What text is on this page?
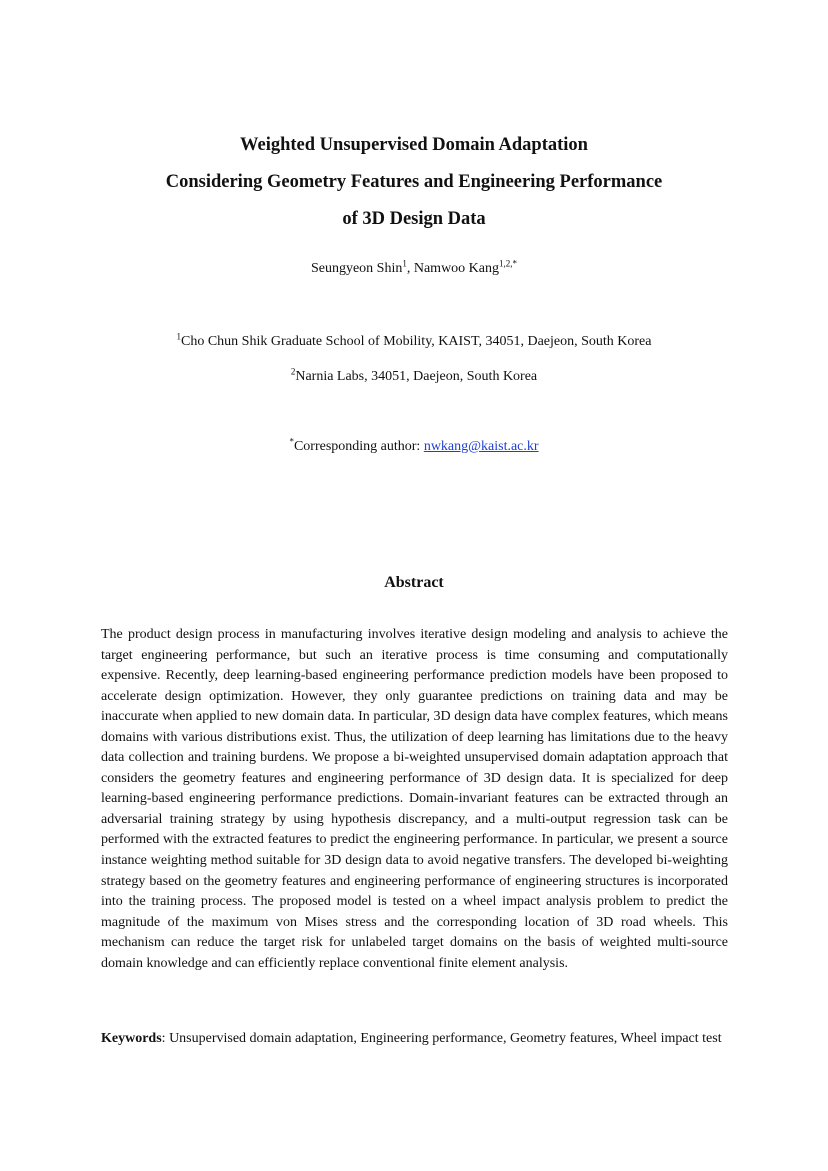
Weighted Unsupervised Domain Adaptation
Considering Geometry Features and Engineering Performance
of 3D Design Data
Seungyeon Shin$^1$, Namwoo Kang$^{1,2,*}$
$^1$Cho Chun Shik Graduate School of Mobility, KAIST, 34051, Daejeon, South Korea
$^2$Narnia Labs, 34051, Daejeon, South Korea
*Corresponding author: nwkang@kaist.ac.kr
Abstract
The product design process in manufacturing involves iterative design modeling and analysis to achieve the target engineering performance, but such an iterative process is time consuming and computationally expensive. Recently, deep learning-based engineering performance prediction models have been proposed to accelerate design optimization. However, they only guarantee predictions on training data and may be inaccurate when applied to new domain data. In particular, 3D design data have complex features, which means domains with various distributions exist. Thus, the utilization of deep learning has limitations due to the heavy data collection and training burdens. We propose a bi-weighted unsupervised domain adaptation approach that considers the geometry features and engineering performance of 3D design data. It is specialized for deep learning-based engineering performance predictions. Domain-invariant features can be extracted through an adversarial training strategy by using hypothesis discrepancy, and a multi-output regression task can be performed with the extracted features to predict the engineering performance. In particular, we present a source instance weighting method suitable for 3D design data to avoid negative transfers. The developed bi-weighting strategy based on the geometry features and engineering performance of engineering structures is incorporated into the training process. The proposed model is tested on a wheel impact analysis problem to predict the magnitude of the maximum von Mises stress and the corresponding location of 3D road wheels. This mechanism can reduce the target risk for unlabeled target domains on the basis of weighted multi-source domain knowledge and can efficiently replace conventional finite element analysis.
Keywords: Unsupervised domain adaptation, Engineering performance, Geometry features, Wheel impact test
